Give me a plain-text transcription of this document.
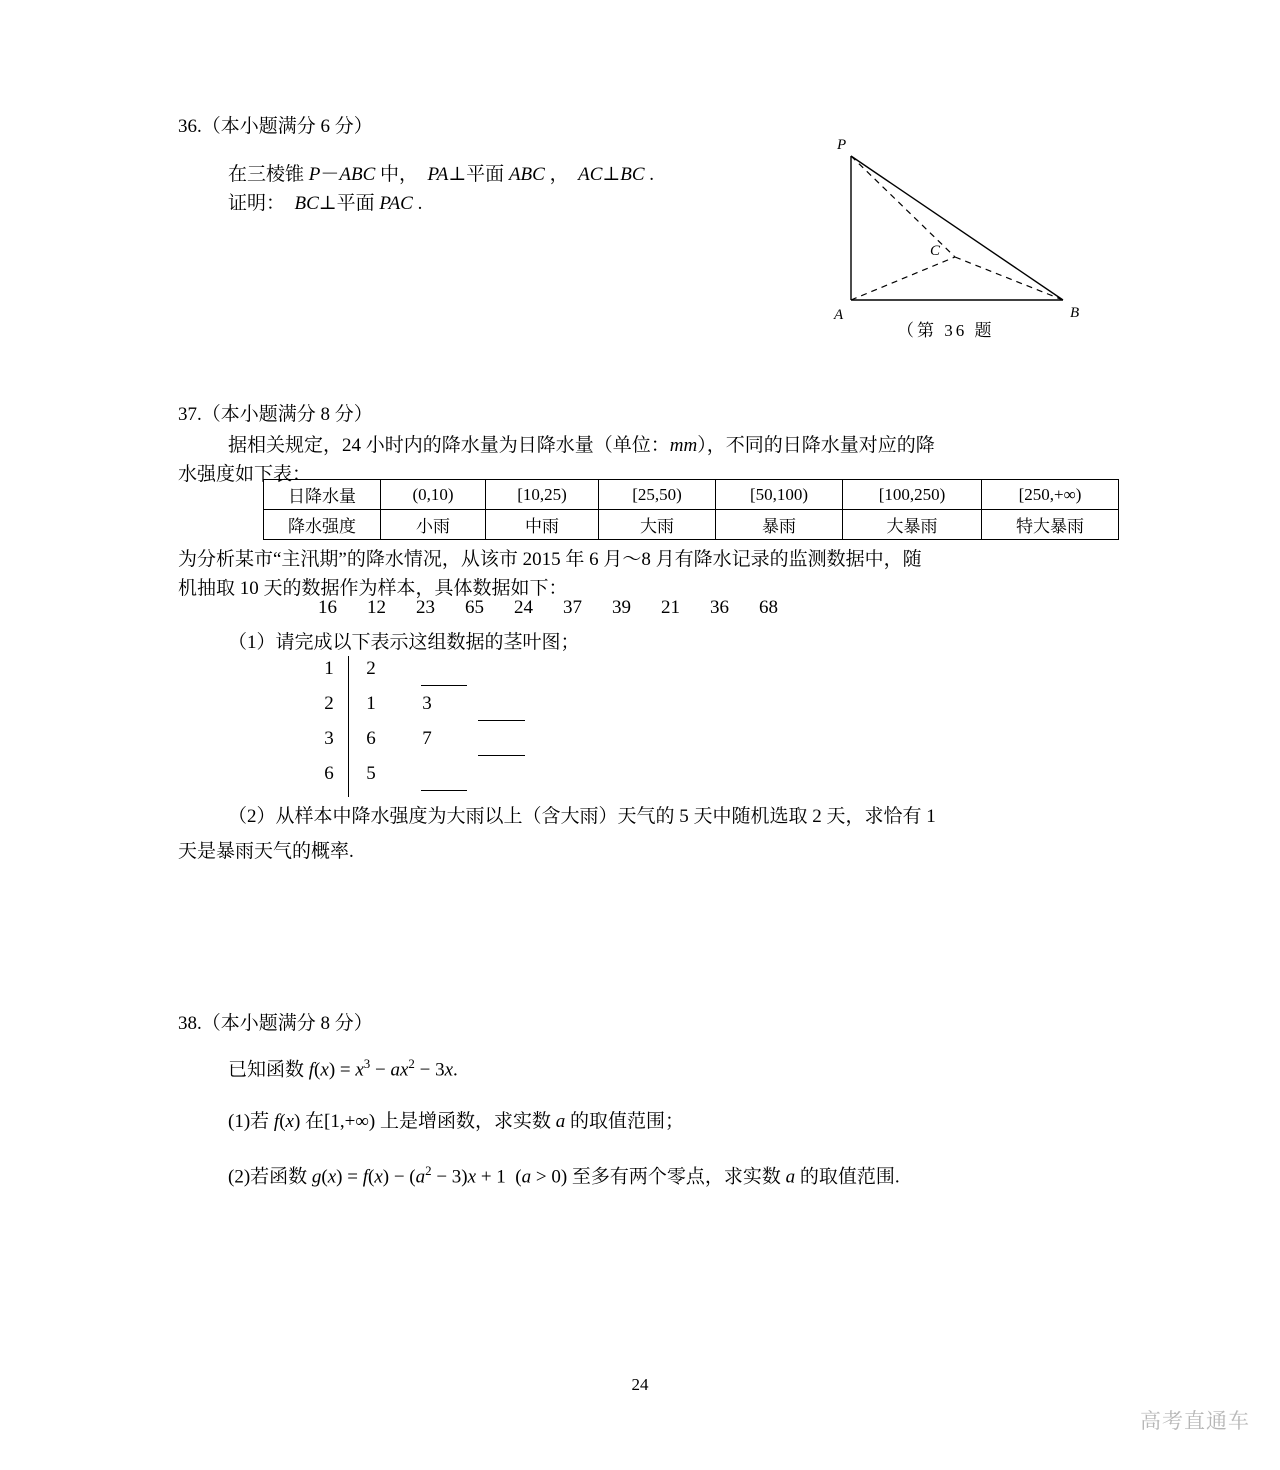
36.（本小题满分 6 分）
在三棱锥 P－ABC 中，  PA⊥平面 ABC ，  AC⊥BC .
证明：  BC⊥平面 PAC .
P
A	B
C
（第 36 题
37.（本小题满分 8 分）
据相关规定，24 小时内的降水量为日降水量（单位：mm），不同的日降水量对应的降
水强度如下表：
日降水量	(0,10)	[10,25)	[25,50)	[50,100)	[100,250)	[250,+∞)
降水强度	小雨	中雨	大雨	暴雨	大暴雨	特大暴雨
为分析某市“主汛期”的降水情况，从该市 2015 年 6 月～8 月有降水记录的监测数据中，随
机抽取 10 天的数据作为样本，具体数据如下：
16 12 23 65 24 37 39 21 36 68
（1）请完成以下表示这组数据的茎叶图；
1	2
2	1	3
3	6	7
6	5
（2）从样本中降水强度为大雨以上（含大雨）天气的 5 天中随机选取 2 天，求恰有 1
天是暴雨天气的概率.
38.（本小题满分 8 分）
已知函数 $f(x) = x^3 - ax^2 - 3x$.
(1)若 f(x) 在[1,+∞) 上是增函数，求实数 a 的取值范围；
(2)若函数 $g(x) = f(x) - (a^2 - 3)x + 1$  (a > 0) 至多有两个零点，求实数 a 的取值范围.
24
高考直通车
